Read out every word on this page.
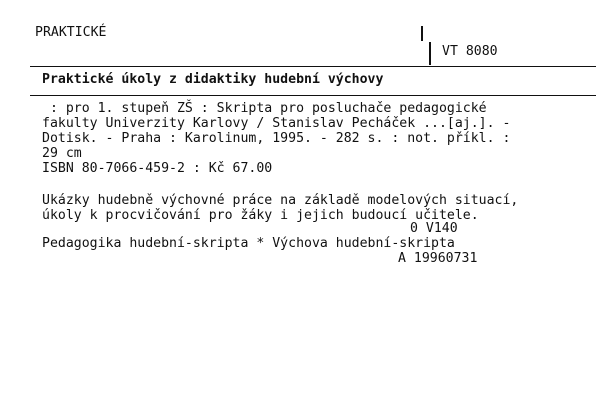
PRAKTICKÉ
VT 8080
Praktické úkoly z didaktiky hudební výchovy
: pro 1. stupeň ZŠ : Skripta pro posluchače pedagogické
fakulty Univerzity Karlovy / Stanislav Pecháček ...[aj.]. -
Dotisk. - Praha : Karolinum, 1995. - 282 s. : not. příkl. :
29 cm
ISBN 80-7066-459-2 : Kč 67.00
Ukázky hudebně výchovné práce na základě modelových situací,
úkoly k procvičování pro žáky i jejich budoucí učitele.
0 V140
Pedagogika hudební-skripta * Výchova hudební-skripta
A 19960731
